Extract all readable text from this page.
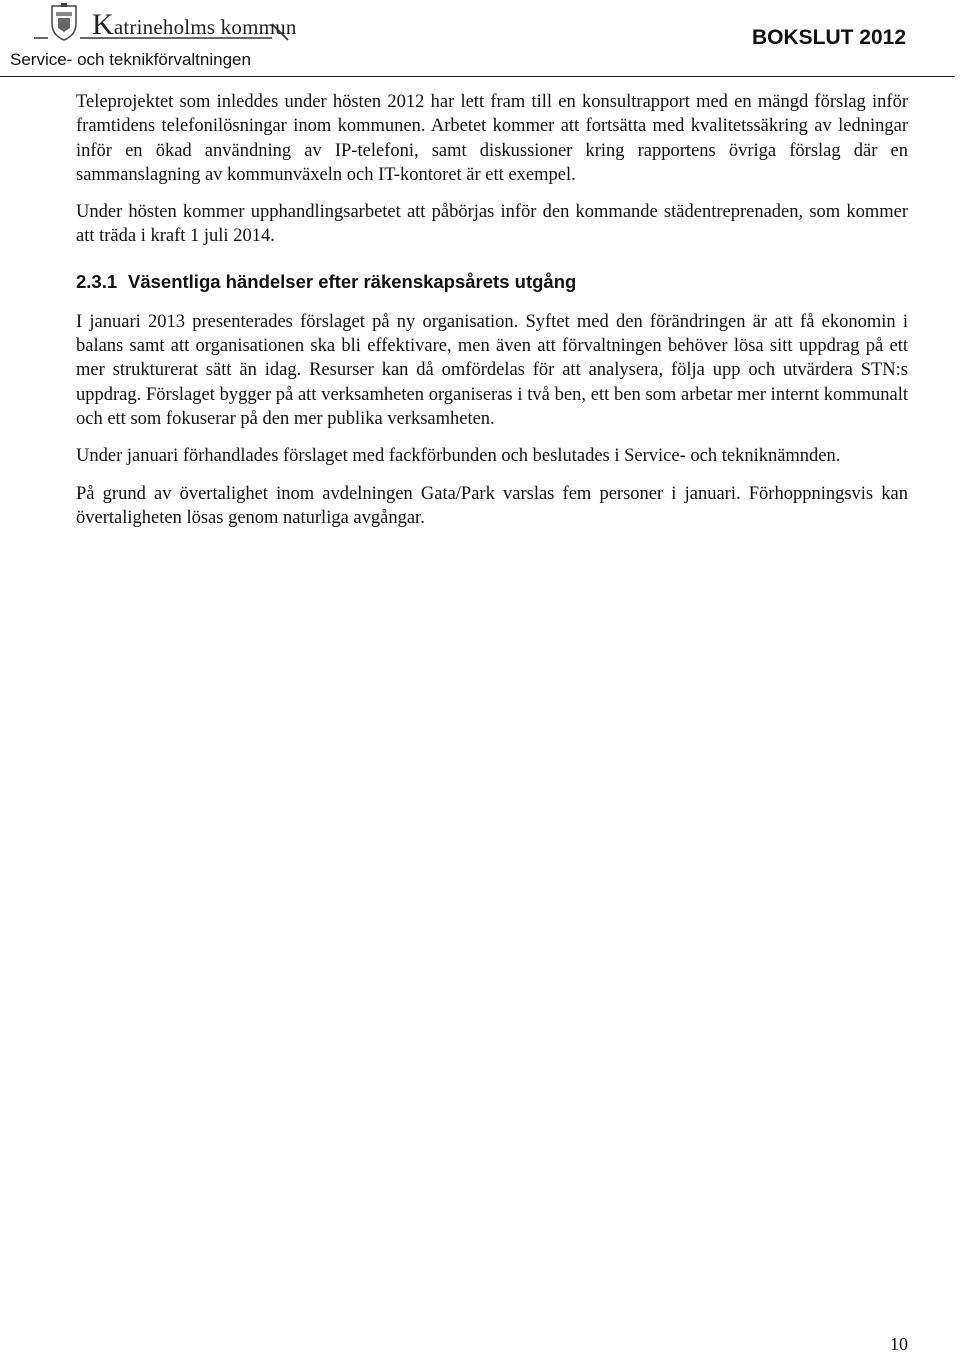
Katrineholms kommun
Service- och teknikförvaltningen
BOKSLUT 2012

Teleprojektet som inleddes under hösten 2012 har lett fram till en konsultrapport med en mängd förslag inför framtidens telefonilösningar inom kommunen. Arbetet kommer att fortsätta med kvalitetssäkring av ledningar inför en ökad användning av IP-telefoni, samt diskussioner kring rapportens övriga förslag där en sammanslagning av kommunväxeln och IT-kontoret är ett exempel.

Under hösten kommer upphandlingsarbetet att påbörjas inför den kommande städentreprenaden, som kommer att träda i kraft 1 juli 2014.

2.3.1 Väsentliga händelser efter räkenskapsårets utgång

I januari 2013 presenterades förslaget på ny organisation. Syftet med den förändringen är att få ekonomin i balans samt att organisationen ska bli effektivare, men även att förvaltningen behöver lösa sitt uppdrag på ett mer strukturerat sätt än idag. Resurser kan då omfördelas för att analysera, följa upp och utvärdera STN:s uppdrag. Förslaget bygger på att verksamheten organiseras i två ben, ett ben som arbetar mer internt kommunalt och ett som fokuserar på den mer publika verksamheten.

Under januari förhandlades förslaget med fackförbunden och beslutades i Service- och tekniknämnden.

På grund av övertalighet inom avdelningen Gata/Park varslas fem personer i januari. Förhoppningsvis kan övertaligheten lösas genom naturliga avgångar.

10
